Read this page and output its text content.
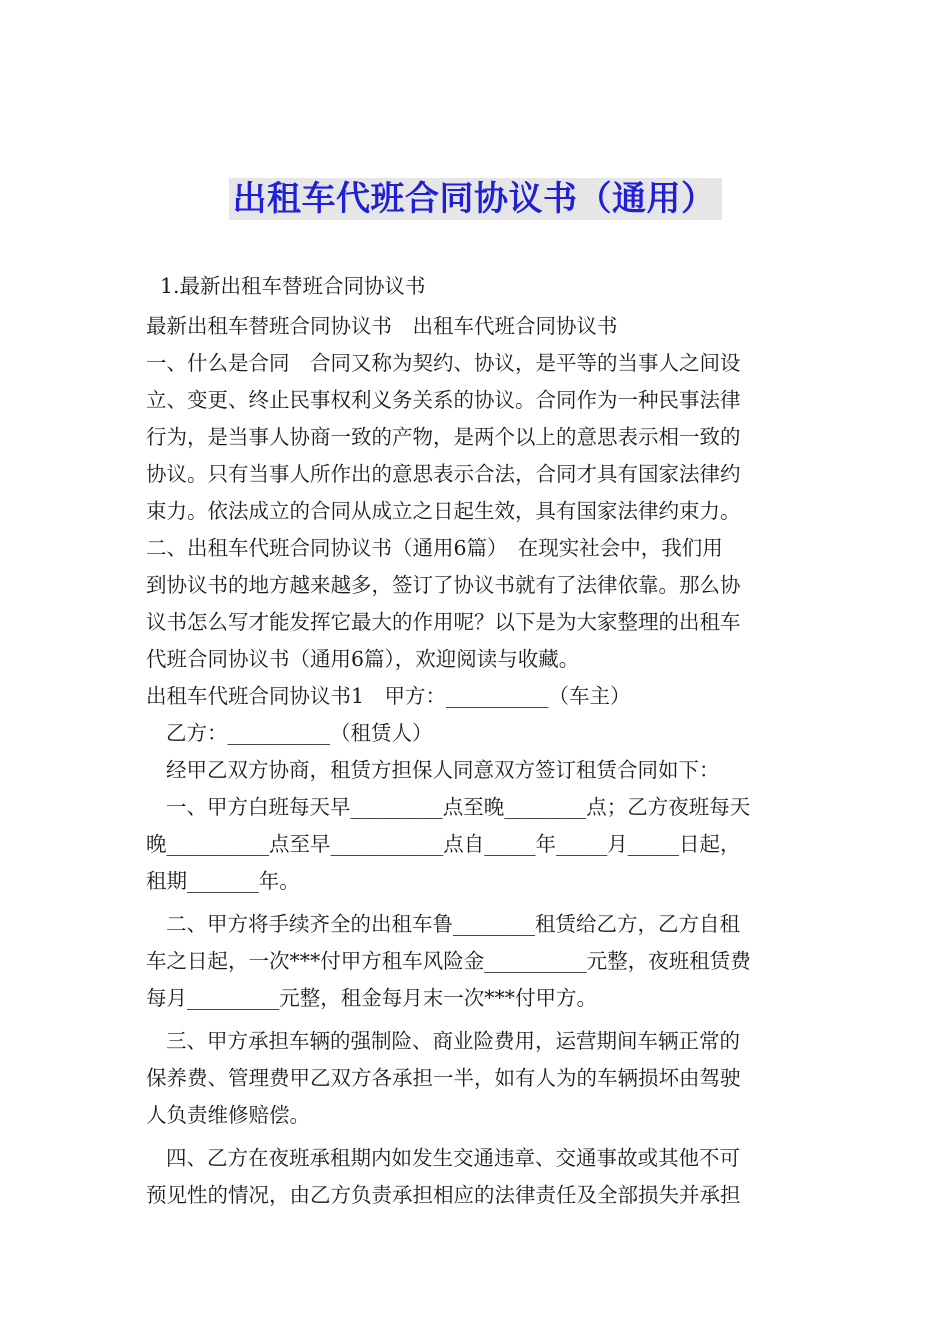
出租车代班合同协议书（通用）
1.最新出租车替班合同协议书
最新出租车替班合同协议书　出租车代班合同协议书
一、什么是合同　合同又称为契约、协议，是平等的当事人之间设
立、变更、终止民事权利义务关系的协议。合同作为一种民事法律
行为，是当事人协商一致的产物，是两个以上的意思表示相一致的
协议。只有当事人所作出的意思表示合法，合同才具有国家法律约
束力。依法成立的合同从成立之日起生效，具有国家法律约束力。
二、出租车代班合同协议书（通用6篇）　在现实社会中，我们用
到协议书的地方越来越多，签订了协议书就有了法律依靠。那么协
议书怎么写才能发挥它最大的作用呢？以下是为大家整理的出租车
代班合同协议书（通用6篇），欢迎阅读与收藏。
出租车代班合同协议书1　甲方：__________（车主）
乙方：__________（租赁人）
经甲乙双方协商，租赁方担保人同意双方签订租赁合同如下：
一、甲方白班每天早_________点至晚________点；乙方夜班每天
晚__________点至早___________点自_____年_____月_____日起，
租期_______年。
二、甲方将手续齐全的出租车鲁________租赁给乙方，乙方自租
车之日起，一次***付甲方租车风险金__________元整，夜班租赁费
每月_________元整，租金每月末一次***付甲方。
三、甲方承担车辆的强制险、商业险费用，运营期间车辆正常的
保养费、管理费甲乙双方各承担一半，如有人为的车辆损坏由驾驶
人负责维修赔偿。
四、乙方在夜班承租期内如发生交通违章、交通事故或其他不可
预见性的情况，由乙方负责承担相应的法律责任及全部损失并承担
